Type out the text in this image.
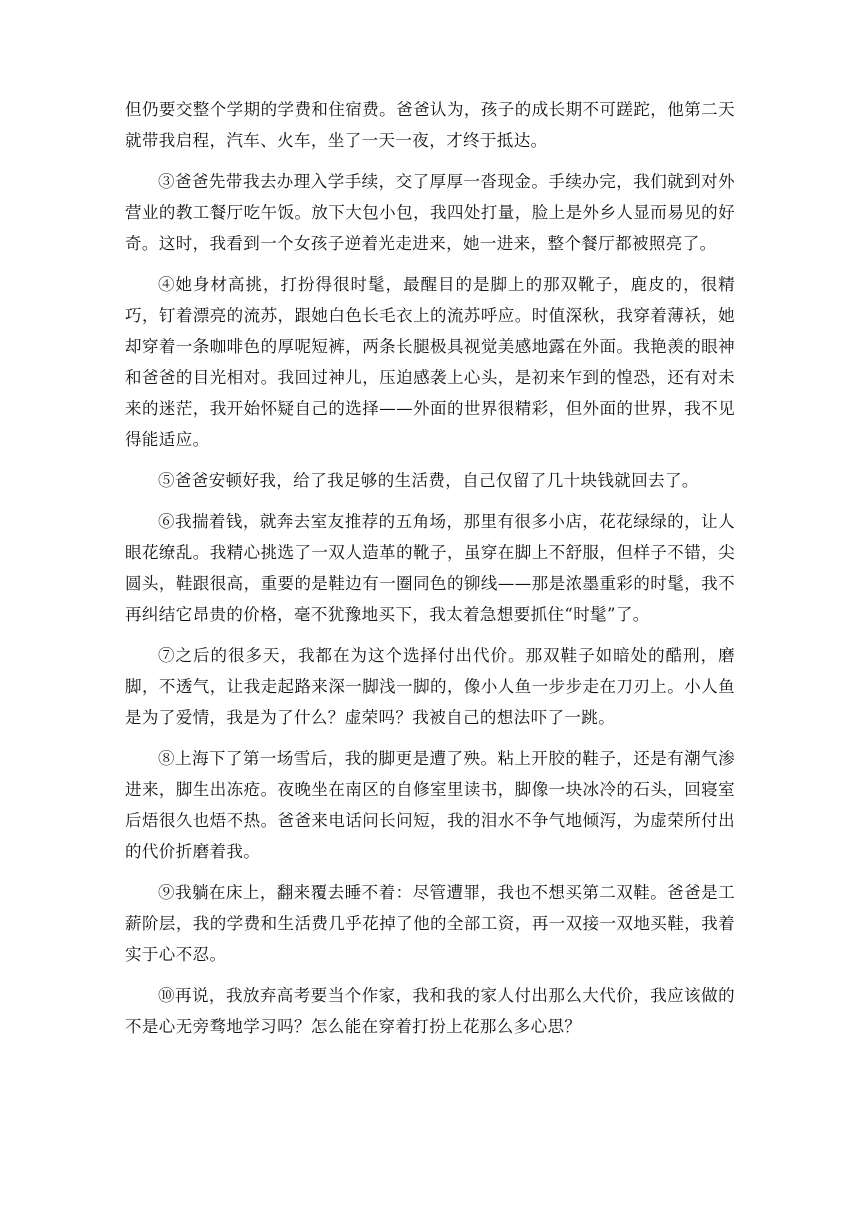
但仍要交整个学期的学费和住宿费。爸爸认为，孩子的成长期不可蹉跎，他第二天就带我启程，汽车、火车，坐了一天一夜，才终于抵达。

③爸爸先带我去办理入学手续，交了厚厚一沓现金。手续办完，我们就到对外营业的教工餐厅吃午饭。放下大包小包，我四处打量，脸上是外乡人显而易见的好奇。这时，我看到一个女孩子逆着光走进来，她一进来，整个餐厅都被照亮了。

④她身材高挑，打扮得很时髦，最醒目的是脚上的那双靴子，鹿皮的，很精巧，钉着漂亮的流苏，跟她白色长毛衣上的流苏呼应。时值深秋，我穿着薄袄，她却穿着一条咖啡色的厚呢短裤，两条长腿极具视觉美感地露在外面。我艳羡的眼神和爸爸的目光相对。我回过神儿，压迫感袭上心头，是初来乍到的惶恐，还有对未来的迷茫，我开始怀疑自己的选择——外面的世界很精彩，但外面的世界，我不见得能适应。

⑤爸爸安顿好我，给了我足够的生活费，自己仅留了几十块钱就回去了。

⑥我揣着钱，就奔去室友推荐的五角场，那里有很多小店，花花绿绿的，让人眼花缭乱。我精心挑选了一双人造革的靴子，虽穿在脚上不舒服，但样子不错，尖圆头，鞋跟很高，重要的是鞋边有一圈同色的铆线——那是浓墨重彩的时髦，我不再纠结它昂贵的价格，毫不犹豫地买下，我太着急想要抓住“时髦”了。

⑦之后的很多天，我都在为这个选择付出代价。那双鞋子如暗处的酷刑，磨脚，不透气，让我走起路来深一脚浅一脚的，像小人鱼一步步走在刀刃上。小人鱼是为了爱情，我是为了什么？虚荣吗？我被自己的想法吓了一跳。

⑧上海下了第一场雪后，我的脚更是遭了殃。粘上开胶的鞋子，还是有潮气渗进来，脚生出冻疮。夜晚坐在南区的自修室里读书，脚像一块冰冷的石头，回寝室后焐很久也焐不热。爸爸来电话问长问短，我的泪水不争气地倾泻，为虚荣所付出的代价折磨着我。

⑨我躺在床上，翻来覆去睡不着：尽管遭罪，我也不想买第二双鞋。爸爸是工薪阶层，我的学费和生活费几乎花掉了他的全部工资，再一双接一双地买鞋，我着实于心不忍。

⑩再说，我放弃高考要当个作家，我和我的家人付出那么大代价，我应该做的不是心无旁骛地学习吗？怎么能在穿着打扮上花那么多心思？
